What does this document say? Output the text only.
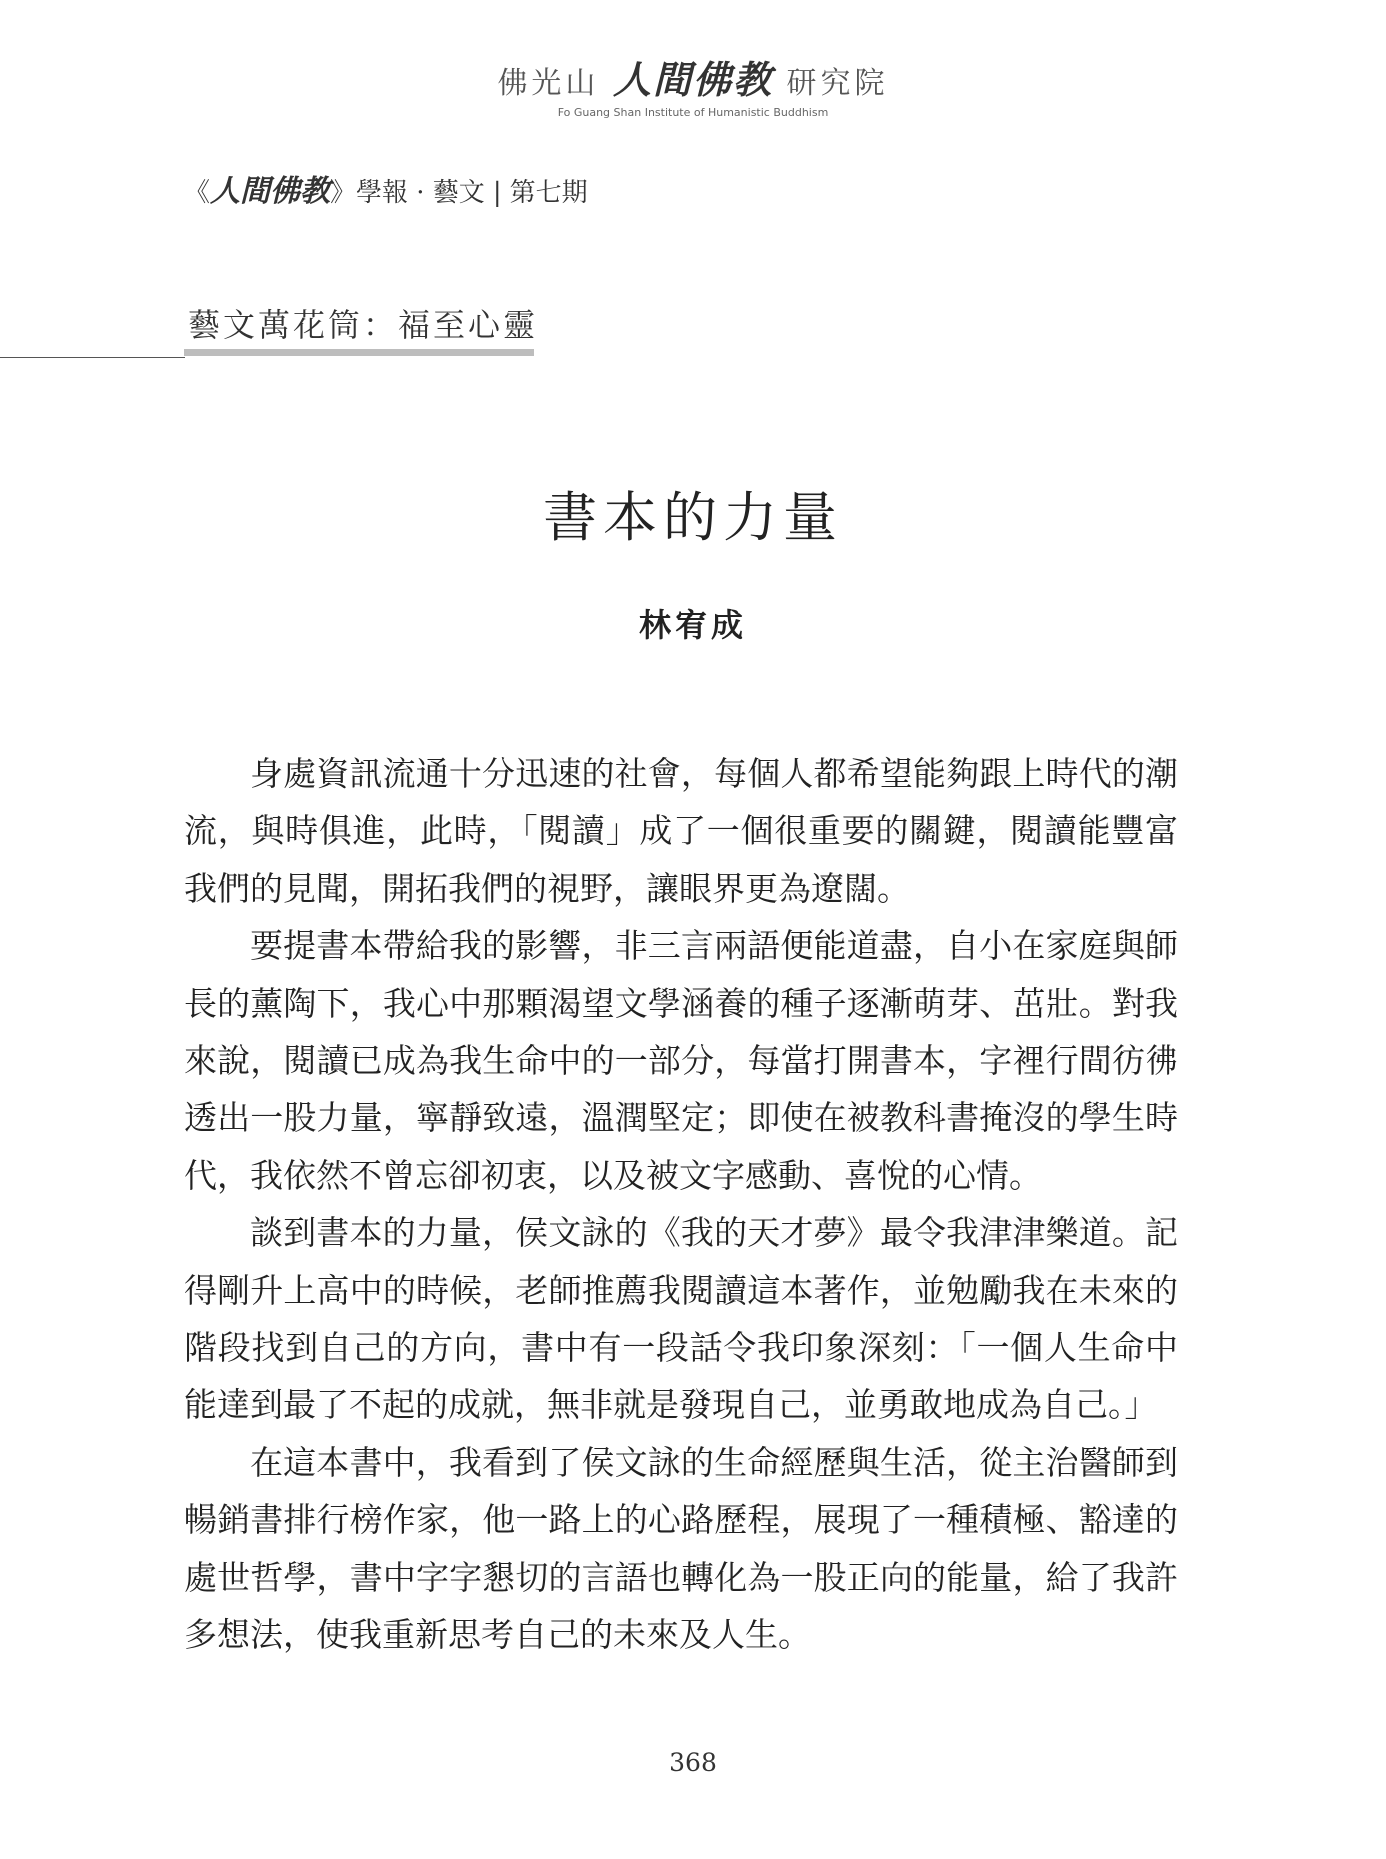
佛光山 人間佛教 研究院
Fo Guang Shan Institute of Humanistic Buddhism
《人間佛教》學報 · 藝文 | 第七期
藝文萬花筒：福至心靈
書本的力量
林宥成

身處資訊流通十分迅速的社會，每個人都希望能夠跟上時代的潮流，與時俱進，此時，「閱讀」成了一個很重要的關鍵，閱讀能豐富我們的見聞，開拓我們的視野，讓眼界更為遼闊。

要提書本帶給我的影響，非三言兩語便能道盡，自小在家庭與師長的薰陶下，我心中那顆渴望文學涵養的種子逐漸萌芽、茁壯。對我來說，閱讀已成為我生命中的一部分，每當打開書本，字裡行間彷彿透出一股力量，寧靜致遠，溫潤堅定；即使在被教科書掩沒的學生時代，我依然不曾忘卻初衷，以及被文字感動、喜悅的心情。

談到書本的力量，侯文詠的《我的天才夢》最令我津津樂道。記得剛升上高中的時候，老師推薦我閱讀這本著作，並勉勵我在未來的階段找到自己的方向，書中有一段話令我印象深刻：「一個人生命中能達到最了不起的成就，無非就是發現自己，並勇敢地成為自己。」

在這本書中，我看到了侯文詠的生命經歷與生活，從主治醫師到暢銷書排行榜作家，他一路上的心路歷程，展現了一種積極、豁達的處世哲學，書中字字懇切的言語也轉化為一股正向的能量，給了我許多想法，使我重新思考自己的未來及人生。

368
